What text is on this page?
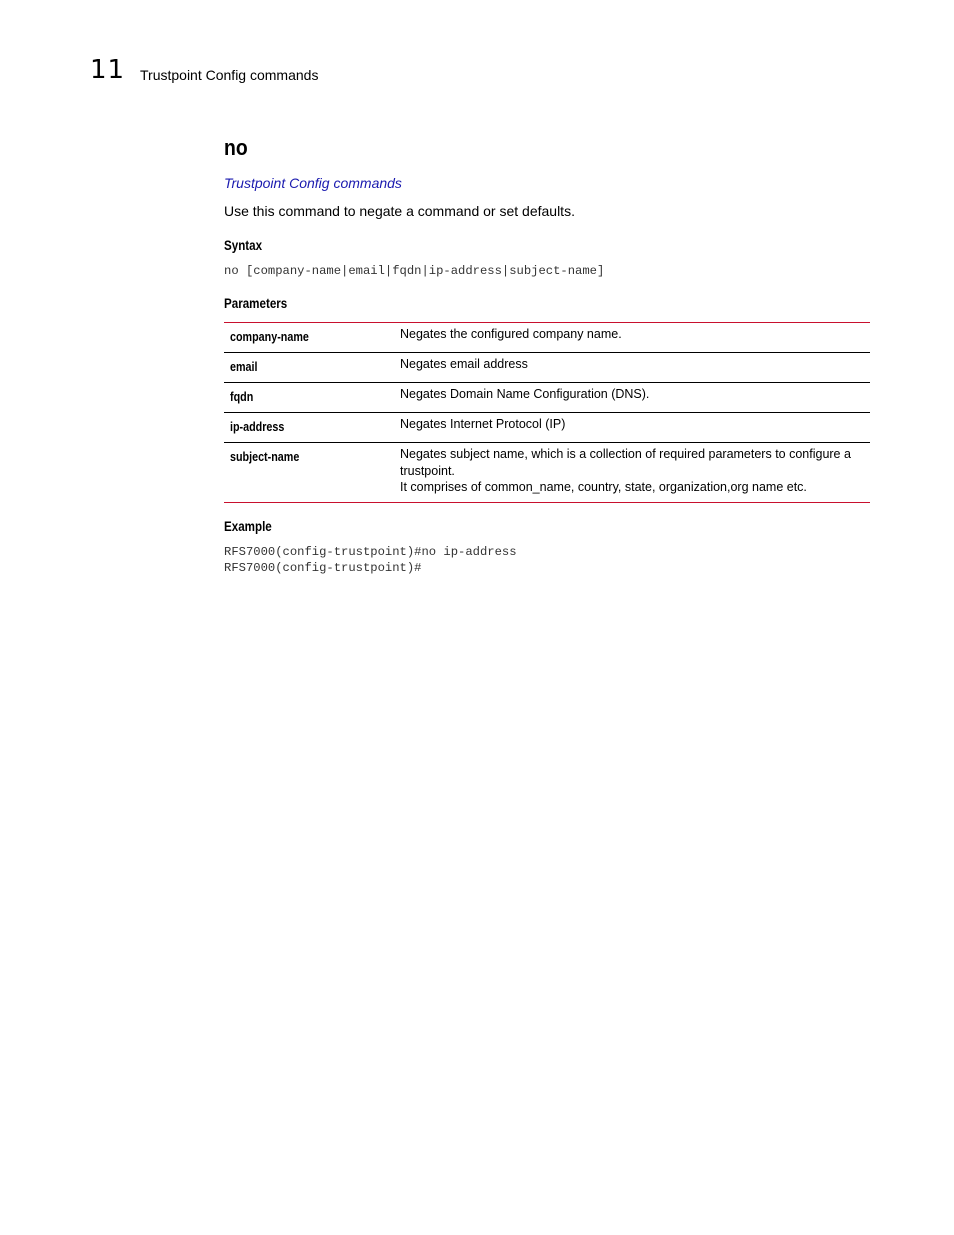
11 Trustpoint Config commands
no
Trustpoint Config commands
Use this command to negate a command or set defaults.
Syntax
no [company-name|email|fqdn|ip-address|subject-name]
Parameters
company-name	Negates the configured company name.

email	Negates email address

fqdn	Negates Domain Name Configuration (DNS).

ip-address	Negates Internet Protocol (IP)

subject-name	Negates subject name, which is a collection of required parameters to configure a trustpoint.
It comprises of common_name, country, state, organization,org name etc.
Example
RFS7000(config-trustpoint)#no ip-address
RFS7000(config-trustpoint)#
